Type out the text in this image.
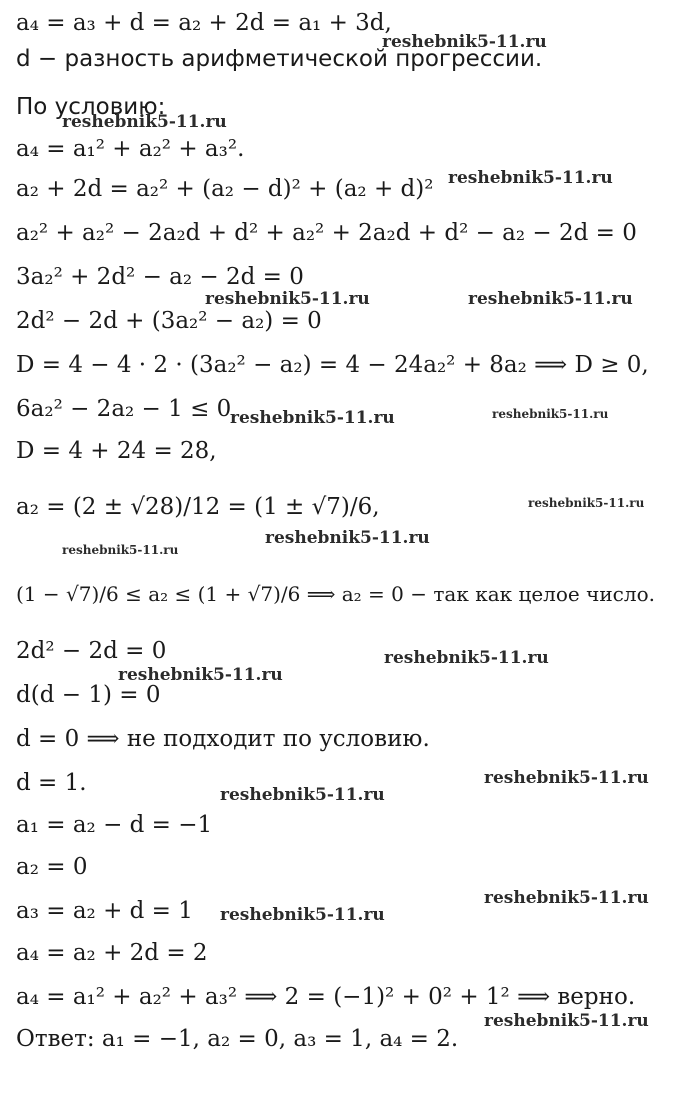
a₄ = a₃ + d = a₂ + 2d = a₁ + 3d,
d − разность арифметической прогрессии.
По условию:
a₄ = a₁² + a₂² + a₃².
a₂ + 2d = a₂² + (a₂ − d)² + (a₂ + d)²
a₂² + a₂² − 2a₂d + d² + a₂² + 2a₂d + d² − a₂ − 2d = 0
3a₂² + 2d² − a₂ − 2d = 0
2d² − 2d + (3a₂² − a₂) = 0
D = 4 − 4 · 2 · (3a₂² − a₂) = 4 − 24a₂² + 8a₂ ⟹ D ≥ 0,
6a₂² − 2a₂ − 1 ≤ 0
D = 4 + 24 = 28,
a₂ = (2 ± √28)/12 = (1 ± √7)/6,
(1 − √7)/6 ≤ a₂ ≤ (1 + √7)/6 ⟹ a₂ = 0 − так как целое число.
2d² − 2d = 0
d(d − 1) = 0
d = 0 ⟹ не подходит по условию.
d = 1.
a₁ = a₂ − d = −1
a₂ = 0
a₃ = a₂ + d = 1
a₄ = a₂ + 2d = 2
a₄ = a₁² + a₂² + a₃² ⟹ 2 = (−1)² + 0² + 1² ⟹ верно.
Ответ: a₁ = −1, a₂ = 0, a₃ = 1, a₄ = 2.
reshebnik5-11.ru
reshebnik5-11.ru
reshebnik5-11.ru
reshebnik5-11.ru	reshebnik5-11.ru
reshebnik5-11.ru	reshebnik5-11.ru
reshebnik5-11.ru
reshebnik5-11.ru
reshebnik5-11.ru
reshebnik5-11.ru
reshebnik5-11.ru
reshebnik5-11.ru
reshebnik5-11.ru
reshebnik5-11.ru
reshebnik5-11.ru
reshebnik5-11.ru
